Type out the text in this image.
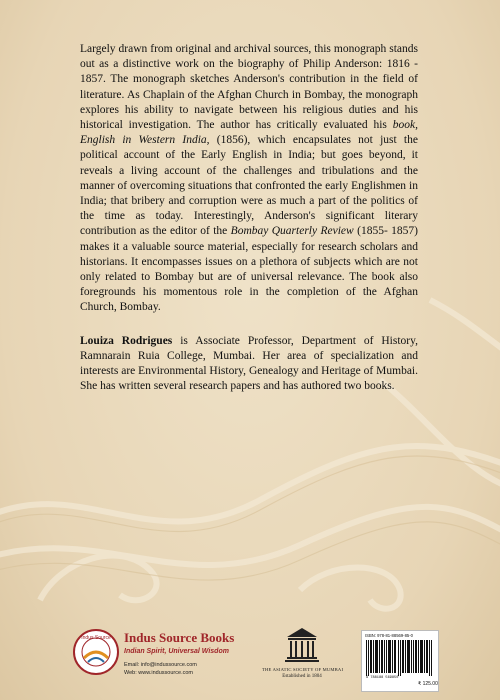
Largely drawn from original and archival sources, this monograph stands out as a distinctive work on the biography of Philip Anderson: 1816 - 1857. The monograph sketches Anderson's contribution in the field of literature. As Chaplain of the Afghan Church in Bombay, the monograph explores his ability to navigate between his religious duties and his historical investigation. The author has critically evaluated his book, English in Western India, (1856), which encapsulates not just the political account of the Early English in India; but goes beyond, it reveals a living account of the challenges and tribulations and the manner of overcoming situations that confronted the early Englishmen in India; that bribery and corruption were as much a part of the politics of the time as today. Interestingly, Anderson's significant literary contribution as the editor of the Bombay Quarterly Review (1855- 1857) makes it a valuable source material, especially for research scholars and historians. It encompasses issues on a plethora of subjects which are not only related to Bombay but are of universal relevance. The book also foregrounds his momentous role in the completion of the Afghan Church, Bombay.

Louiza Rodrigues is Associate Professor, Department of History, Ramnarain Ruia College, Mumbai. Her area of specialization and interests are Environmental History, Genealogy and Heritage of Mumbai. She has written several research papers and has authored two books.

Indus Source Indus Source Books
Indian Spirit, Universal Wisdom
Email: info@indussource.com
Web: www.indussource.com
THE ASIATIC SOCIETY OF MUMBAI
Established in 1804
ISBN: 978-81-88569-85-0
9 788188 569850
₹ 125.00
